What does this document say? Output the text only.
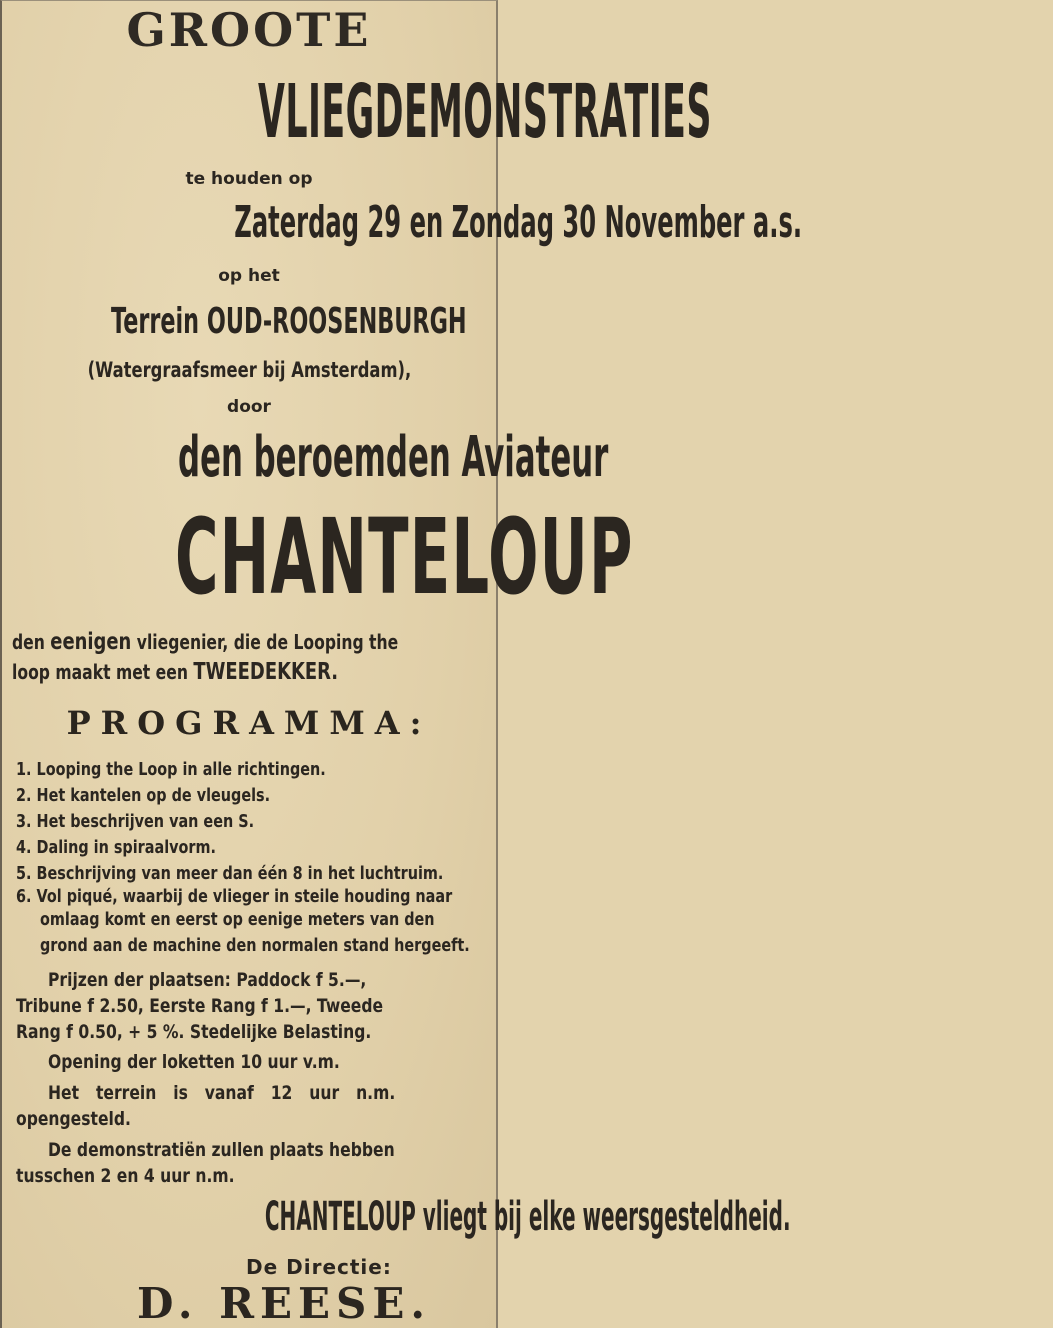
GROOTE
VLIEGDEMONSTRATIES
te houden op
Zaterdag 29 en Zondag 30 November a.s.
op het
Terrein OUD-ROOSENBURGH
(Watergraafsmeer bij Amsterdam),
door
den beroemden Aviateur
CHANTELOUP
den eenigen vliegenier, die de Looping the
loop maakt met een TWEEDEKKER.
PROGRAMMA:
1. Looping the Loop in alle richtingen.
2. Het kantelen op de vleugels.
3. Het beschrijven van een S.
4. Daling in spiraalvorm.
5. Beschrijving van meer dan één 8 in het luchtruim.
6. Vol piqué, waarbij de vlieger in steile houding naar
omlaag komt en eerst op eenige meters van den
grond aan de machine den normalen stand hergeeft.
Prijzen der plaatsen: Paddock f 5.—,
Tribune f 2.50, Eerste Rang f 1.—, Tweede
Rang f 0.50, + 5 %. Stedelijke Belasting.
Opening der loketten 10 uur v.m.
Het terrein is vanaf 12 uur n.m.
opengesteld.
De demonstratiën zullen plaats hebben
tusschen 2 en 4 uur n.m.
CHANTELOUP vliegt bij elke weersgesteldheid.
De Directie:
D. REESE.
